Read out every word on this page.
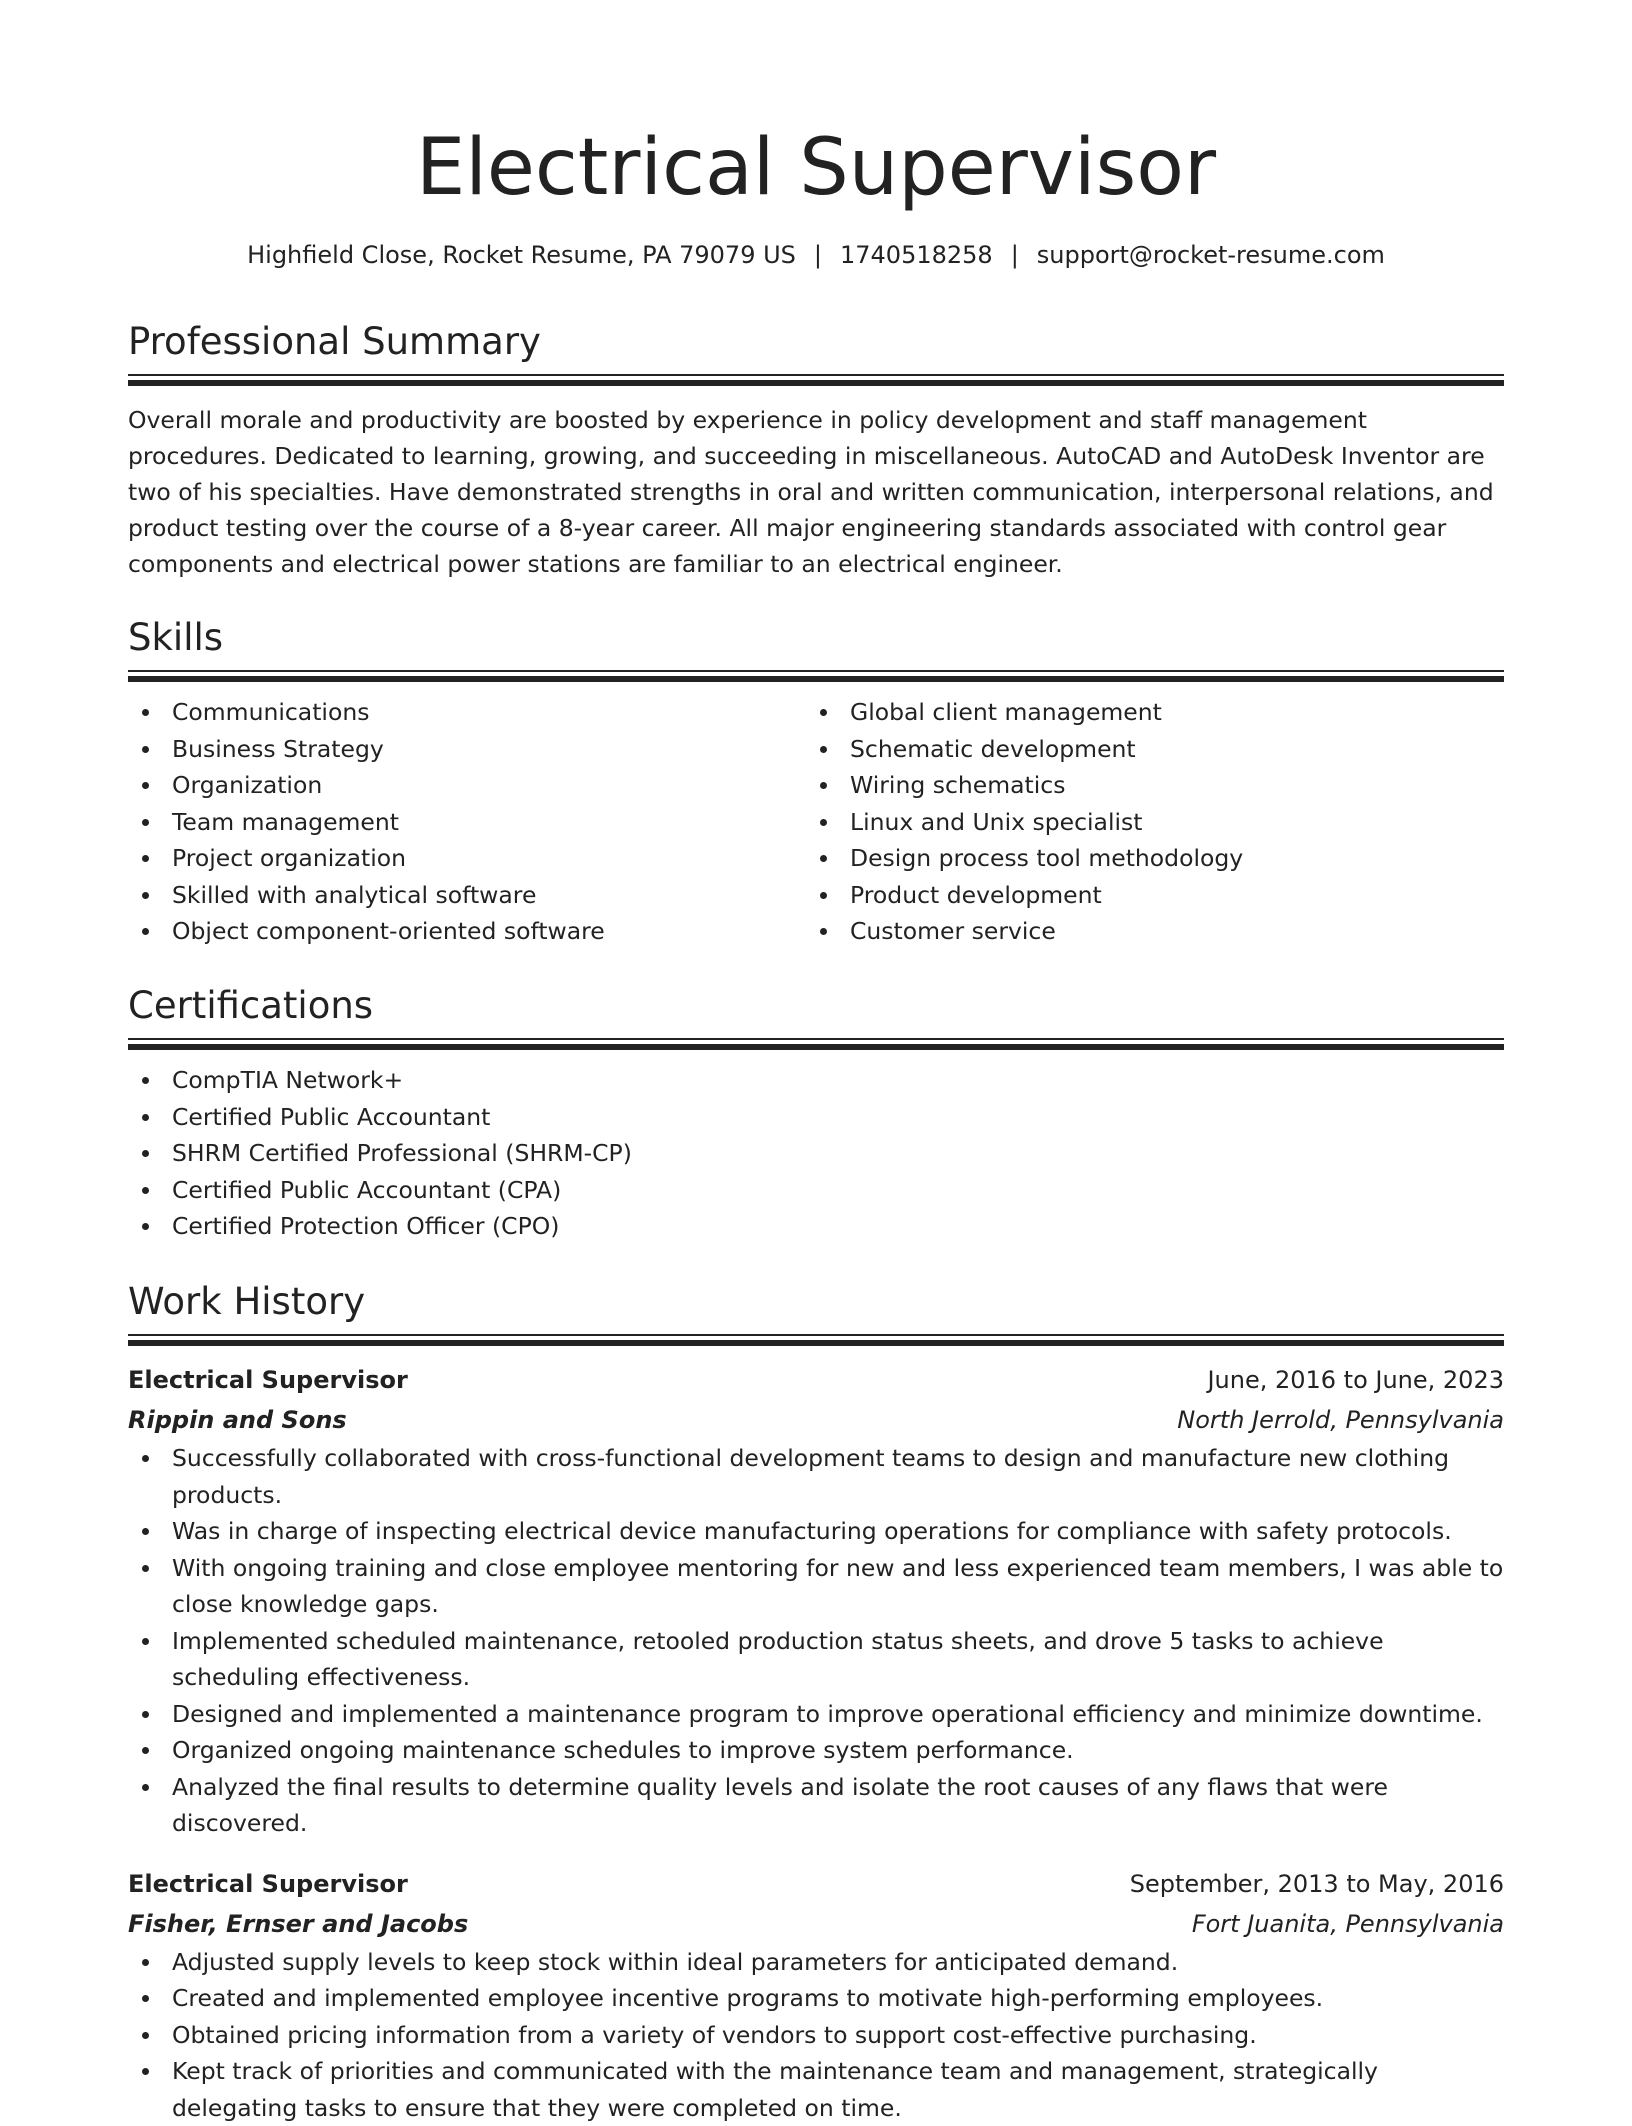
Electrical Supervisor
Highfield Close, Rocket Resume, PA 79079 US | 1740518258 | support@rocket-resume.com
Professional Summary

Overall morale and productivity are boosted by experience in policy development and staff management procedures. Dedicated to learning, growing, and succeeding in miscellaneous. AutoCAD and AutoDesk Inventor are two of his specialties. Have demonstrated strengths in oral and written communication, interpersonal relations, and product testing over the course of a 8-year career. All major engineering standards associated with control gear components and electrical power stations are familiar to an electrical engineer.

Skills
Communications
Business Strategy
Organization
Team management
Project organization
Skilled with analytical software
Object component-oriented software
Global client management
Schematic development
Wiring schematics
Linux and Unix specialist
Design process tool methodology
Product development
Customer service
Certifications
CompTIA Network+
Certified Public Accountant
SHRM Certified Professional (SHRM-CP)
Certified Public Accountant (CPA)
Certified Protection Officer (CPO)
Work History
Electrical Supervisor	June, 2016 to June, 2023
Rippin and Sons	North Jerrold, Pennsylvania
Successfully collaborated with cross-functional development teams to design and manufacture new clothing products.
Was in charge of inspecting electrical device manufacturing operations for compliance with safety protocols.
With ongoing training and close employee mentoring for new and less experienced team members, I was able to close knowledge gaps.
Implemented scheduled maintenance, retooled production status sheets, and drove 5 tasks to achieve scheduling effectiveness.
Designed and implemented a maintenance program to improve operational efficiency and minimize downtime.
Organized ongoing maintenance schedules to improve system performance.
Analyzed the final results to determine quality levels and isolate the root causes of any flaws that were discovered.
Electrical Supervisor	September, 2013 to May, 2016
Fisher, Ernser and Jacobs	Fort Juanita, Pennsylvania
Adjusted supply levels to keep stock within ideal parameters for anticipated demand.
Created and implemented employee incentive programs to motivate high-performing employees.
Obtained pricing information from a variety of vendors to support cost-effective purchasing.
Kept track of priorities and communicated with the maintenance team and management, strategically delegating tasks to ensure that they were completed on time.
